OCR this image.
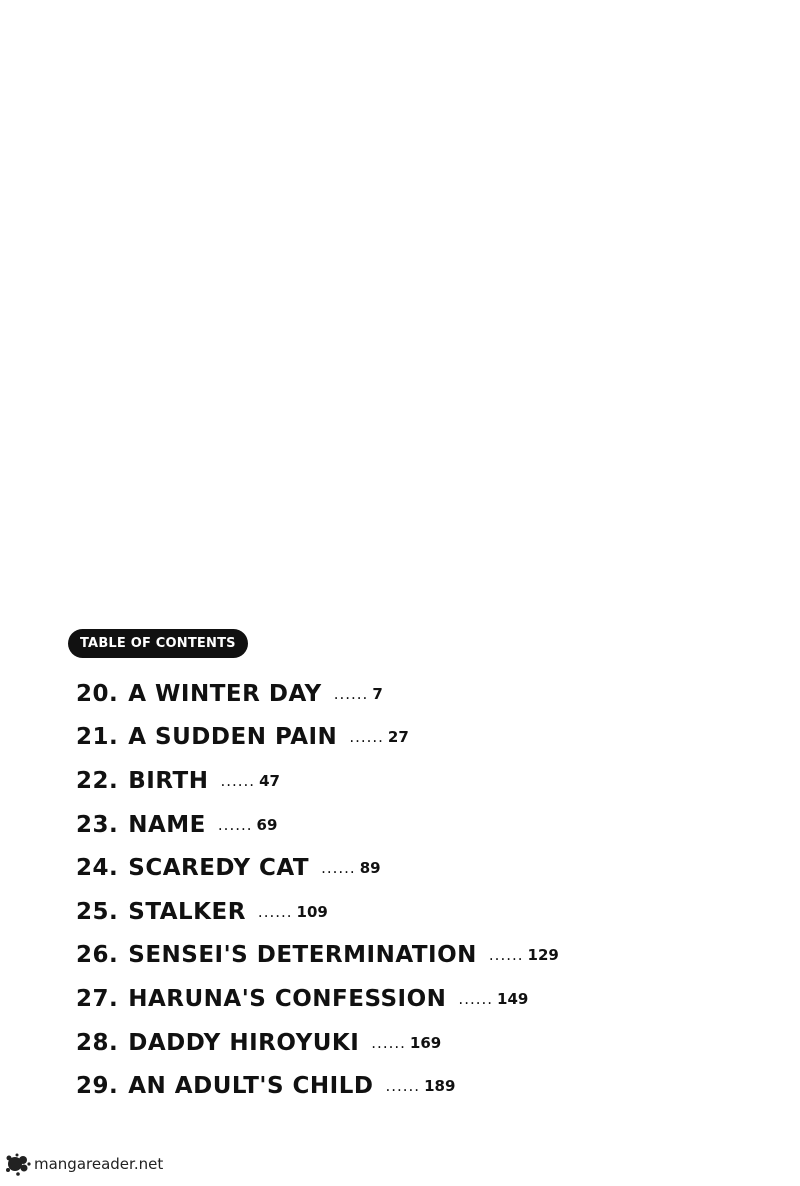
TABLE OF CONTENTS
20. A WINTER DAY ...... 7
21. A SUDDEN PAIN ...... 27
22. BIRTH ...... 47
23. NAME ...... 69
24. SCAREDY CAT ...... 89
25. STALKER ...... 109
26. SENSEI'S DETERMINATION ...... 129
27. HARUNA'S CONFESSION ...... 149
28. DADDY HIROYUKI ...... 169
29. AN ADULT'S CHILD ...... 189
mangareader.net
